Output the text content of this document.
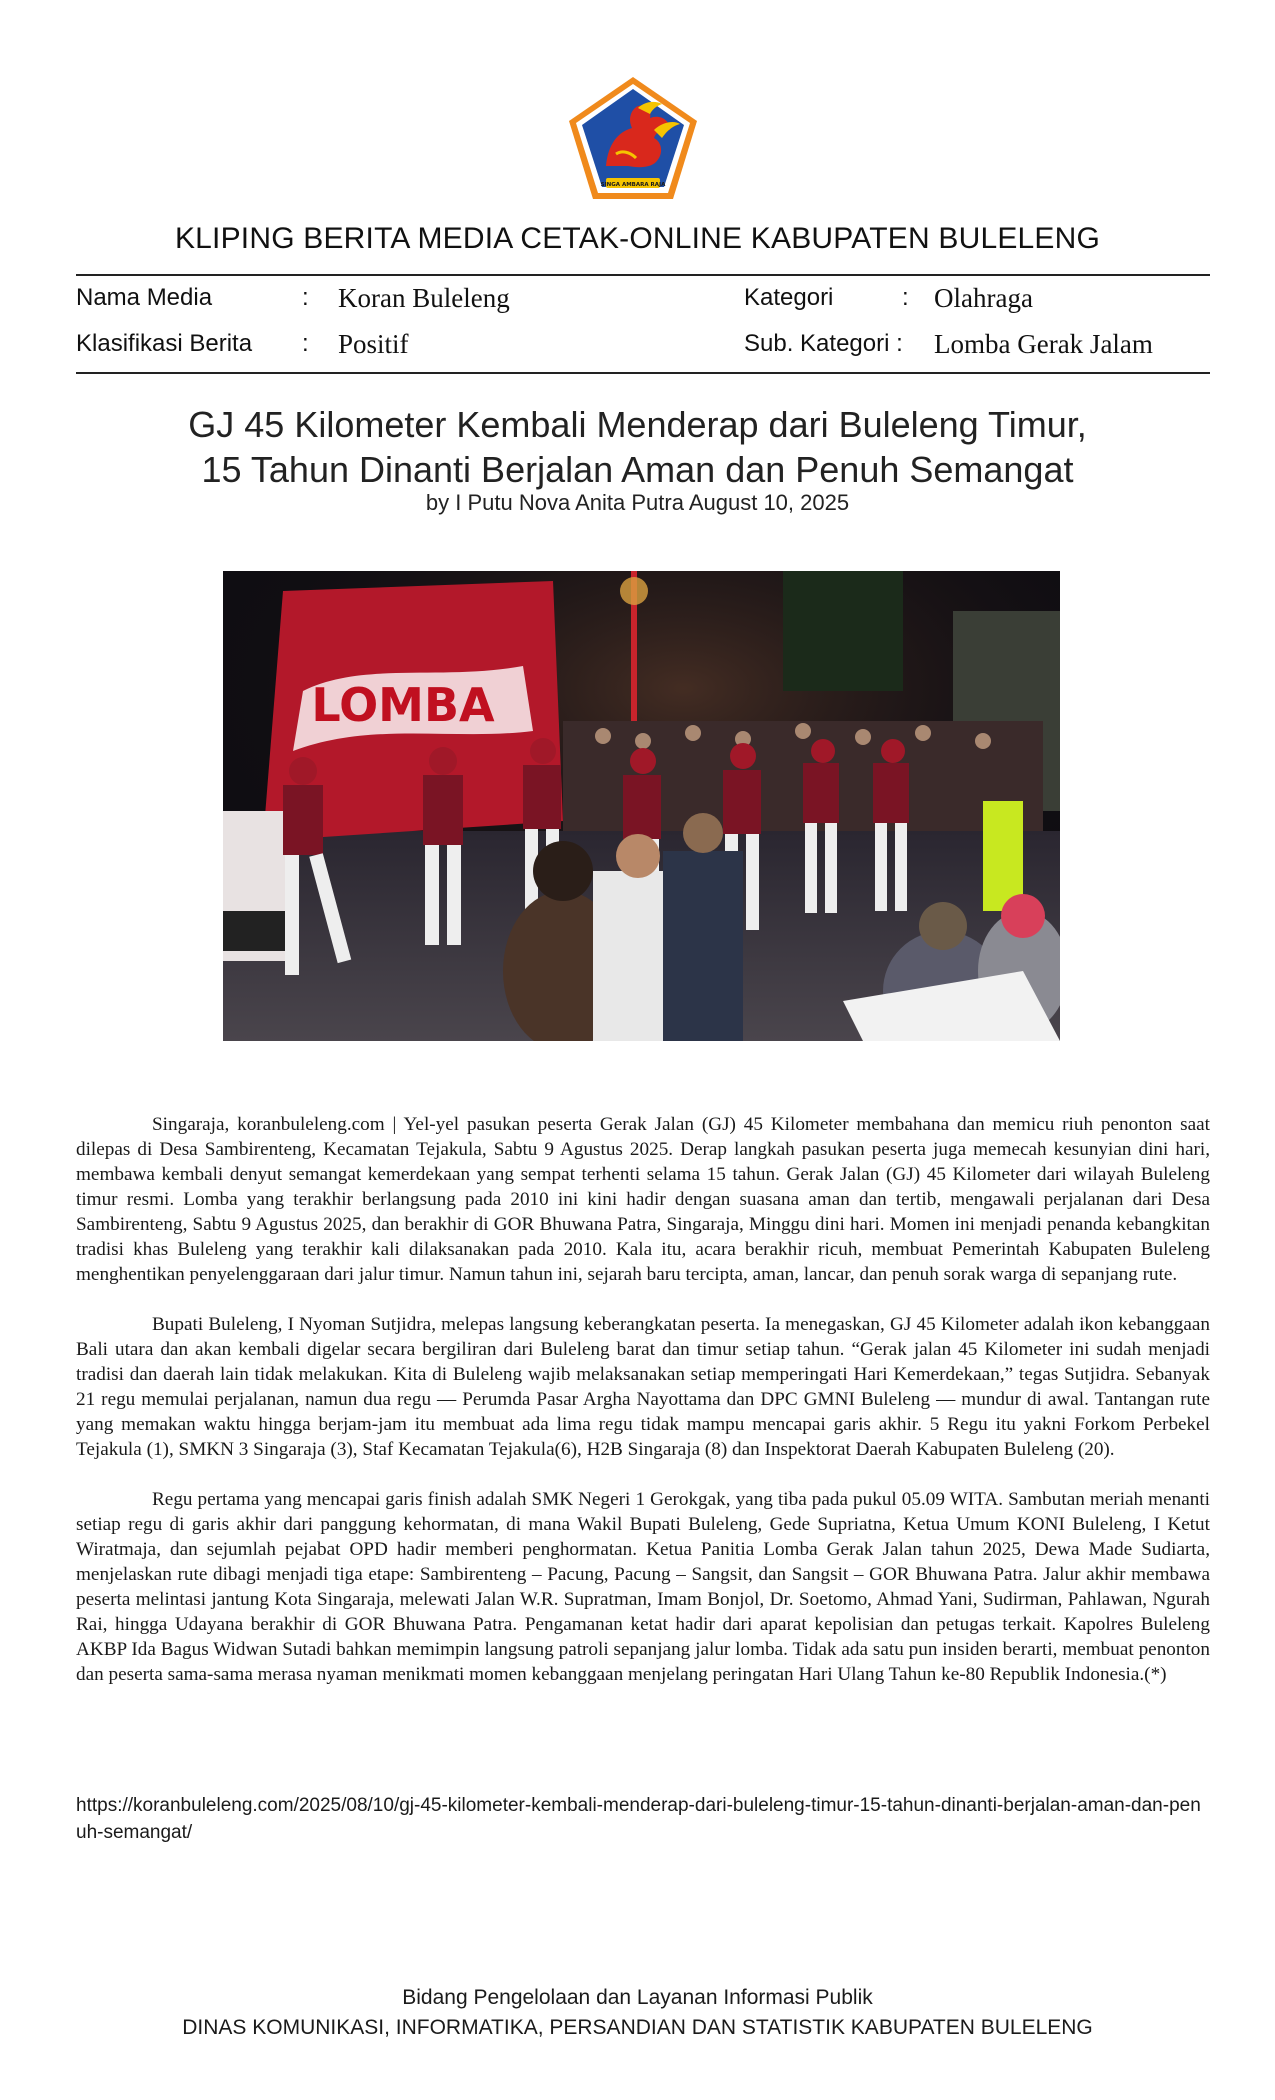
SINGA AMBARA RAJA
KLIPING BERITA MEDIA CETAK-ONLINE KABUPATEN BULELENG
Nama Media	: Koran Buleleng	Kategori	: Olahraga
Klasifikasi Berita : Positif	Sub. Kategori : Lomba Gerak Jalam
GJ 45 Kilometer Kembali Menderap dari Buleleng Timur,
15 Tahun Dinanti Berjalan Aman dan Penuh Semangat
by I Putu Nova Anita Putra August 10, 2025
LOMBA

Singaraja, koranbuleleng.com | Yel-yel pasukan peserta Gerak Jalan (GJ) 45 Kilometer membahana dan memicu riuh penonton saat dilepas di Desa Sambirenteng, Kecamatan Tejakula, Sabtu 9 Agustus 2025. Derap langkah pasukan peserta juga memecah kesunyian dini hari, membawa kembali denyut semangat kemerdekaan yang sempat terhenti selama 15 tahun. Gerak Jalan (GJ) 45 Kilometer dari wilayah Buleleng timur resmi. Lomba yang terakhir berlangsung pada 2010 ini kini hadir dengan suasana aman dan tertib, mengawali perjalanan dari Desa Sambirenteng, Sabtu 9 Agustus 2025, dan berakhir di GOR Bhuwana Patra, Singaraja, Minggu dini hari. Momen ini menjadi penanda kebangkitan tradisi khas Buleleng yang terakhir kali dilaksanakan pada 2010. Kala itu, acara berakhir ricuh, membuat Pemerintah Kabupaten Buleleng menghentikan penyelenggaraan dari jalur timur. Namun tahun ini, sejarah baru tercipta, aman, lancar, dan penuh sorak warga di sepanjang rute.

Bupati Buleleng, I Nyoman Sutjidra, melepas langsung keberangkatan peserta. Ia menegaskan, GJ 45 Kilometer adalah ikon kebanggaan Bali utara dan akan kembali digelar secara bergiliran dari Buleleng barat dan timur setiap tahun. “Gerak jalan 45 Kilometer ini sudah menjadi tradisi dan daerah lain tidak melakukan. Kita di Buleleng wajib melaksanakan setiap memperingati Hari Kemerdekaan,” tegas Sutjidra. Sebanyak 21 regu memulai perjalanan, namun dua regu — Perumda Pasar Argha Nayottama dan DPC GMNI Buleleng — mundur di awal. Tantangan rute yang memakan waktu hingga berjam-jam itu membuat ada lima regu tidak mampu mencapai garis akhir. 5 Regu itu yakni Forkom Perbekel Tejakula (1), SMKN 3 Singaraja (3), Staf Kecamatan Tejakula(6), H2B Singaraja (8) dan Inspektorat Daerah Kabupaten Buleleng (20).

Regu pertama yang mencapai garis finish adalah SMK Negeri 1 Gerokgak, yang tiba pada pukul 05.09 WITA. Sambutan meriah menanti setiap regu di garis akhir dari panggung kehormatan, di mana Wakil Bupati Buleleng, Gede Supriatna, Ketua Umum KONI Buleleng, I Ketut Wiratmaja, dan sejumlah pejabat OPD hadir memberi penghormatan. Ketua Panitia Lomba Gerak Jalan tahun 2025, Dewa Made Sudiarta, menjelaskan rute dibagi menjadi tiga etape: Sambirenteng – Pacung, Pacung – Sangsit, dan Sangsit – GOR Bhuwana Patra. Jalur akhir membawa peserta melintasi jantung Kota Singaraja, melewati Jalan W.R. Supratman, Imam Bonjol, Dr. Soetomo, Ahmad Yani, Sudirman, Pahlawan, Ngurah Rai, hingga Udayana berakhir di GOR Bhuwana Patra. Pengamanan ketat hadir dari aparat kepolisian dan petugas terkait. Kapolres Buleleng AKBP Ida Bagus Widwan Sutadi bahkan memimpin langsung patroli sepanjang jalur lomba. Tidak ada satu pun insiden berarti, membuat penonton dan peserta sama-sama merasa nyaman menikmati momen kebanggaan menjelang peringatan Hari Ulang Tahun ke-80 Republik Indonesia.(*)

https://koranbuleleng.com/2025/08/10/gj-45-kilometer-kembali-menderap-dari-buleleng-timur-15-tahun-dinanti-berjalan-aman-dan-penuh-semangat/
Bidang Pengelolaan dan Layanan Informasi Publik
DINAS KOMUNIKASI, INFORMATIKA, PERSANDIAN DAN STATISTIK KABUPATEN BULELENG
